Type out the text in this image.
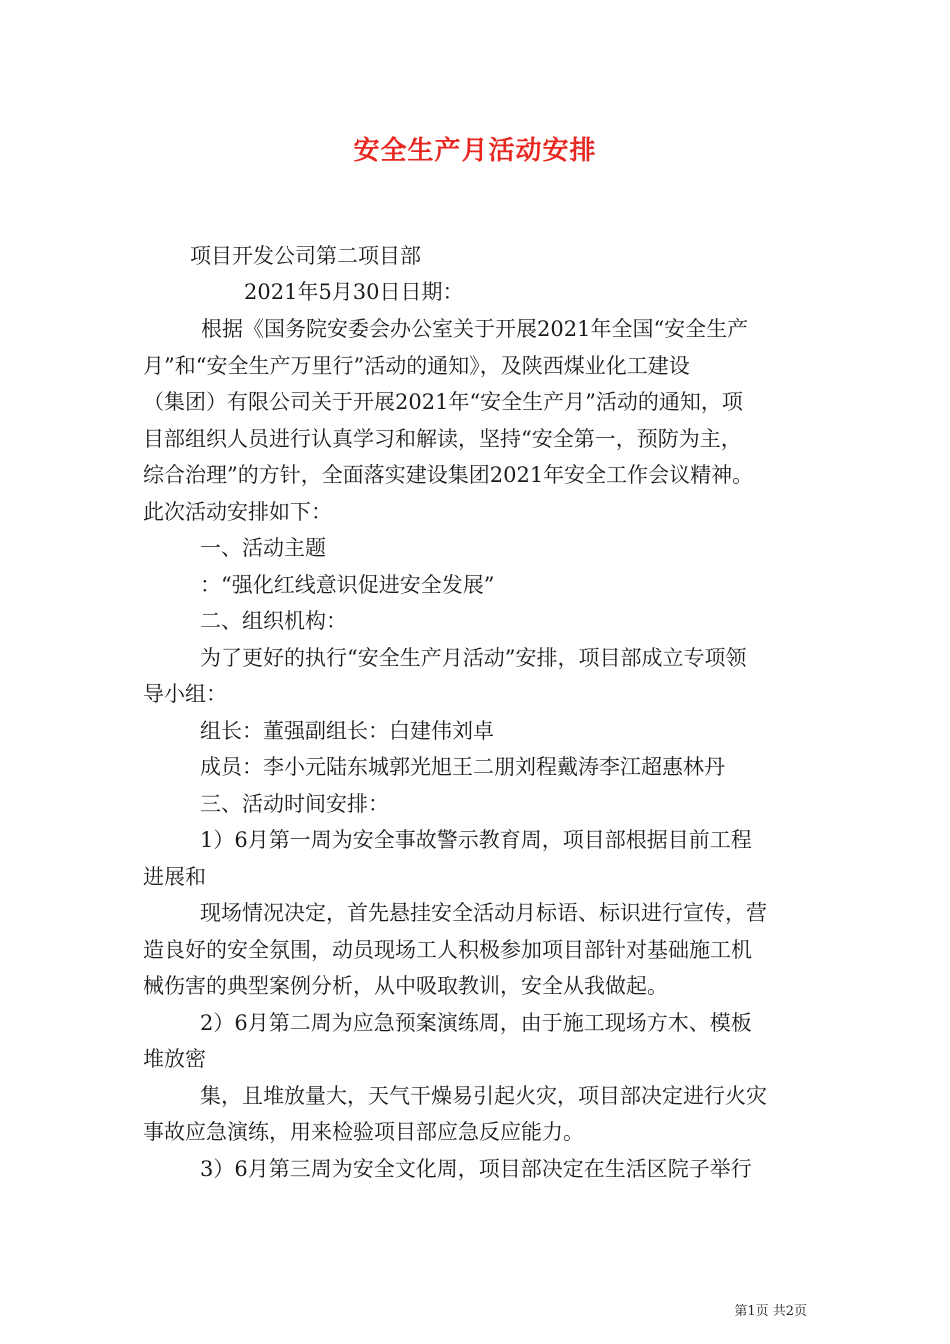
安全生产月活动安排
项目开发公司第二项目部
2021年5月30日日期：
根据《国务院安委会办公室关于开展2021年全国“安全生产
月”和“安全生产万里行”活动的通知》，及陕西煤业化工建设
（集团）有限公司关于开展2021年“安全生产月”活动的通知，项
目部组织人员进行认真学习和解读，坚持“安全第一，预防为主，
综合治理”的方针，全面落实建设集团2021年安全工作会议精神。
此次活动安排如下：
一、活动主题
：“强化红线意识促进安全发展”
二、组织机构：
为了更好的执行“安全生产月活动”安排，项目部成立专项领
导小组：
组长：董强副组长：白建伟刘卓
成员：李小元陆东城郭光旭王二朋刘程戴涛李江超惠林丹
三、活动时间安排：
1）6月第一周为安全事故警示教育周，项目部根据目前工程
进展和
现场情况决定，首先悬挂安全活动月标语、标识进行宣传，营
造良好的安全氛围，动员现场工人积极参加项目部针对基础施工机
械伤害的典型案例分析，从中吸取教训，安全从我做起。
2）6月第二周为应急预案演练周，由于施工现场方木、模板
堆放密
集，且堆放量大，天气干燥易引起火灾，项目部决定进行火灾
事故应急演练，用来检验项目部应急反应能力。
3）6月第三周为安全文化周，项目部决定在生活区院子举行
第1页 共2页
